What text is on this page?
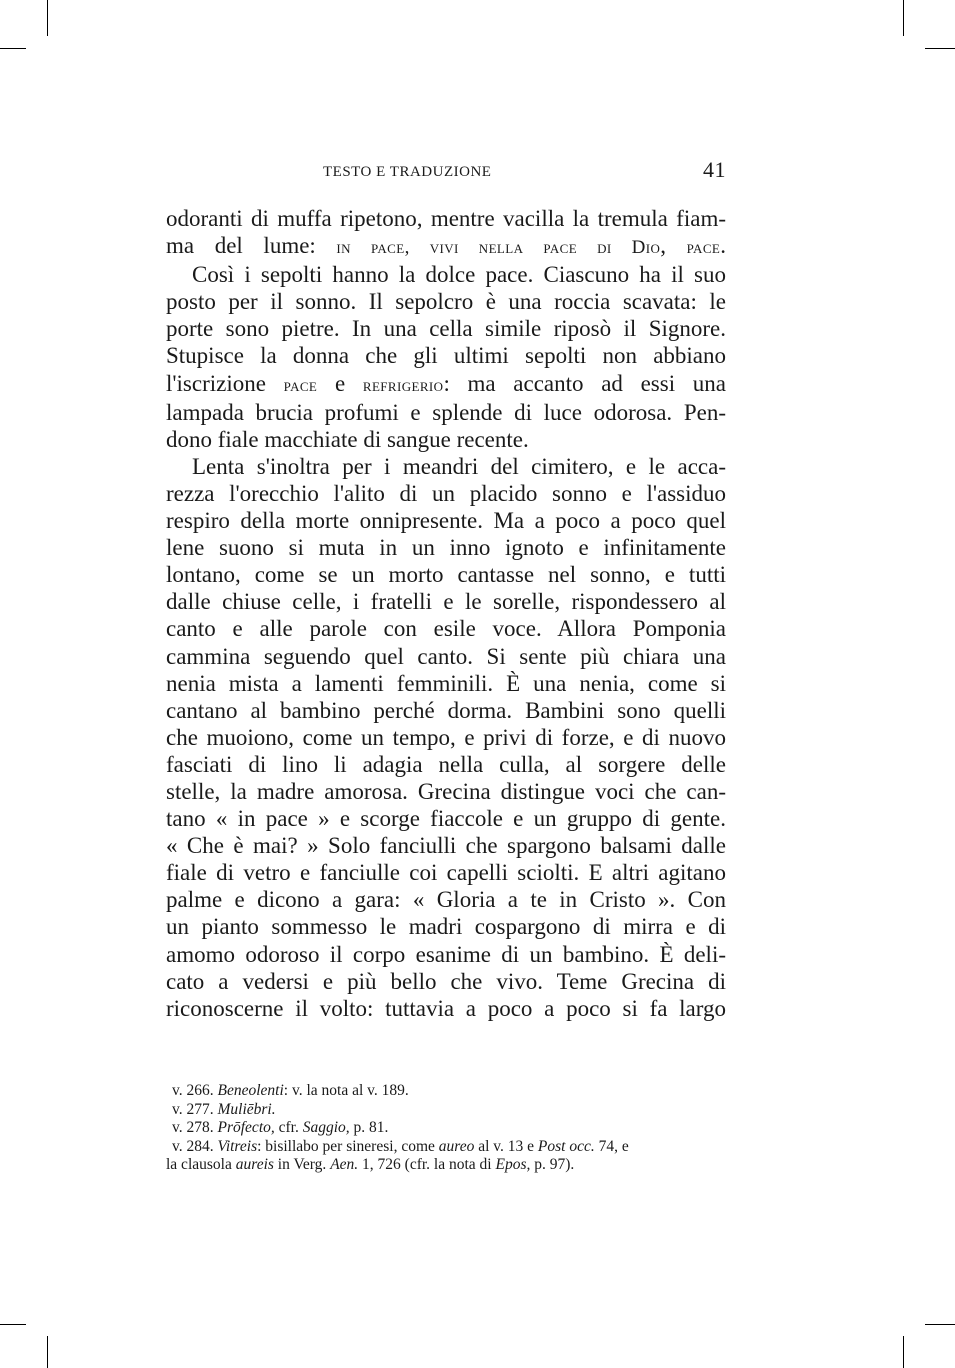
TESTO E TRADUZIONE	41
odoranti di muffa ripetono, mentre vacilla la tremula fiam-
ma del lume: in pace, vivi nella pace di Dio, pace.
Così i sepolti hanno la dolce pace. Ciascuno ha il suo
posto per il sonno. Il sepolcro è una roccia scavata: le
porte sono pietre. In una cella simile riposò il Signore.
Stupisce la donna che gli ultimi sepolti non abbiano
l'iscrizione pace e refrigerio: ma accanto ad essi una
lampada brucia profumi e splende di luce odorosa. Pen-
dono fiale macchiate di sangue recente.
Lenta s'inoltra per i meandri del cimitero, e le acca-
rezza l'orecchio l'alito di un placido sonno e l'assiduo
respiro della morte onnipresente. Ma a poco a poco quel
lene suono si muta in un inno ignoto e infinitamente
lontano, come se un morto cantasse nel sonno, e tutti
dalle chiuse celle, i fratelli e le sorelle, rispondessero al
canto e alle parole con esile voce. Allora Pomponia
cammina seguendo quel canto. Si sente più chiara una
nenia mista a lamenti femminili. È una nenia, come si
cantano al bambino perché dorma. Bambini sono quelli
che muoiono, come un tempo, e privi di forze, e di nuovo
fasciati di lino li adagia nella culla, al sorgere delle
stelle, la madre amorosa. Grecina distingue voci che can-
tano « in pace » e scorge fiaccole e un gruppo di gente.
« Che è mai? » Solo fanciulli che spargono balsami dalle
fiale di vetro e fanciulle coi capelli sciolti. E altri agitano
palme e dicono a gara: « Gloria a te in Cristo ». Con
un pianto sommesso le madri cospargono di mirra e di
amomo odoroso il corpo esanime di un bambino. È deli-
cato a vedersi e più bello che vivo. Teme Grecina di
riconoscerne il volto: tuttavia a poco a poco si fa largo
v. 266. Beneolenti: v. la nota al v. 189.
v. 277. Muliēbri.
v. 278. Prōfecto, cfr. Saggio, p. 81.
v. 284. Vitreis: bisillabo per sineresi, come aureo al v. 13 e Post occ. 74, e
la clausola aureis in Verg. Aen. 1, 726 (cfr. la nota di Epos, p. 97).
